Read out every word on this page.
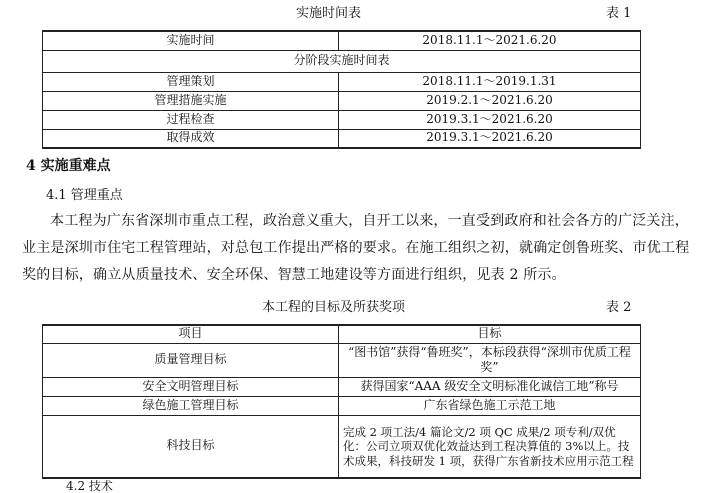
实施时间表	表 1
实施时间	2018.11.1～2021.6.20
分阶段实施时间表	
管理策划	2018.11.1～2019.1.31
管理措施实施	2019.2.1～2021.6.20
过程检查	2019.3.1～2021.6.20
取得成效	2019.3.1～2021.6.20
4 实施重难点
4.1 管理重点

本工程为广东省深圳市重点工程，政治意义重大，自开工以来，一直受到政府和社会各方的广泛关注，业主是深圳市住宅工程管理站，对总包工作提出严格的要求。在施工组织之初，就确定创鲁班奖、市优工程奖的目标，确立从质量技术、安全环保、智慧工地建设等方面进行组织，见表 2 所示。

本工程的目标及所获奖项	表 2
项目	目标
质量管理目标	“图书馆”获得“鲁班奖”，本标段获得“深圳市优质工程奖”
安全文明管理目标	获得国家“AAA 级安全文明标准化诚信工地”称号
绿色施工管理目标	广东省绿色施工示范工地
科技目标	完成 2 项工法/4 篇论文/2 项 QC 成果/2 项专利/双优化：公司立项双优化效益达到工程决算值的 3%以上。技术成果，科技研发 1 项，获得广东省新技术应用示范工程
4.2 技术
